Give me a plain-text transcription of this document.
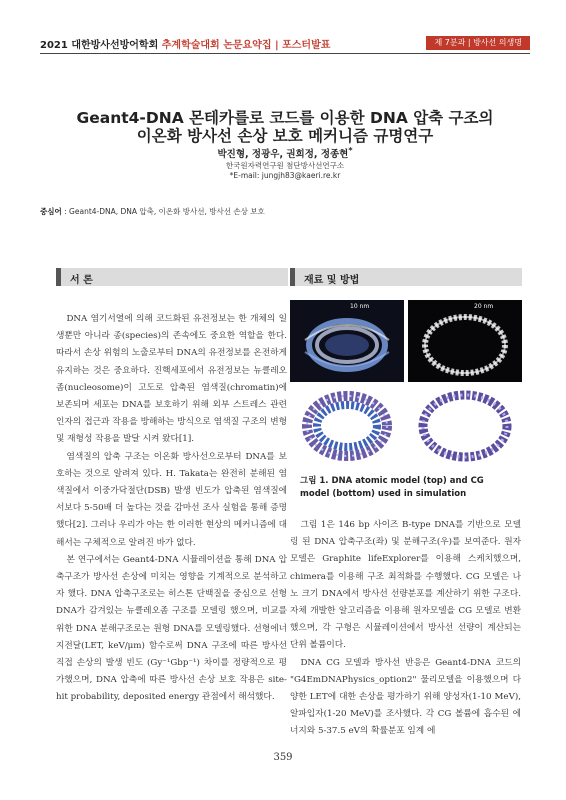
2021 대한방사선방어학회 추계학술대회 논문요약집 | 포스터발표	제 7분과 | 방사선 의생명
Geant4-DNA 몬테카를로 코드를 이용한 DNA 압축 구조의
이온화 방사선 손상 보호 메커니즘 규명연구
박진형, 정광우, 권희정, 정종현*
한국원자력연구원 첨단방사선연구소
*E-mail: jungjh83@kaeri.re.kr
중심어 : Geant4-DNA, DNA 압축, 이온화 방사선, 방사선 손상 보호
서 론	재료 및 방법

DNA 염기서열에 의해 코드화된 유전정보는 한 개체의 일생뿐만 아니라 종(species)의 존속에도 중요한 역할을 한다. 따라서 손상 위험의 노출로부터 DNA의 유전정보를 온전하게 유지하는 것은 중요하다. 진핵세포에서 유전정보는 뉴클레오좀(nucleosome)이 고도로 압축된 염색질(chromatin)에 보존되며 세포는 DNA를 보호하기 위해 외부 스트레스 관련 인자의 접근과 작용을 방해하는 방식으로 염색질 구조의 변형 및 재형성 작용을 발달 시켜 왔다[1].

염색질의 압축 구조는 이온화 방사선으로부터 DNA를 보호하는 것으로 알려져 있다. H. Takata는 완전히 분해된 염색질에서 이중가닥절단(DSB) 발생 빈도가 압축된 염색질에서보다 5-50배 더 높다는 것을 감마선 조사 실험을 통해 증명했다[2]. 그러나 우리가 아는 한 이러한 현상의 메커니즘에 대해서는 구체적으로 알려진 바가 없다.

본 연구에서는 Geant4-DNA 시뮬레이션을 통해 DNA 압축구조가 방사선 손상에 미치는 영향을 기계적으로 분석하고자 했다. DNA 압축구조로는 히스톤 단백질을 중심으로 선형 DNA가 감겨있는 뉴클레오좀 구조를 모델링 했으며, 비교를 위한 DNA 분해구조로는 원형 DNA를 모델링했다. 선형에너지전달(LET, keV/μm) 함수로써 DNA 구조에 따른 방사선 직접 손상의 발생 빈도 (Gy⁻¹Gbp⁻¹) 차이를 정량적으로 평가했으며, DNA 압축에 따른 방사선 손상 보호 작용은 site-hit probability, deposited energy 관점에서 해석했다.

10 nm	20 nm
그림 1. DNA atomic model (top) and CG model (bottom) used in simulation

그림 1은 146 bp 사이즈 B-type DNA를 기반으로 모델링 된 DNA 압축구조(좌) 및 분해구조(우)를 보여준다. 원자모델은 Graphite lifeExplorer를 이용해 스케치했으며, chimera를 이용해 구조 최적화를 수행했다. CG 모델은 나노 크기 DNA에서 방사선 선량분포를 계산하기 위한 구조다. 자체 개발한 알고리즘을 이용해 원자모델을 CG 모델로 변환했으며, 각 구형은 시뮬레이션에서 방사선 선량이 계산되는 단위 볼륨이다.

DNA CG 모델과 방사선 반응은 Geant4-DNA 코드의 "G4EmDNAPhysics_option2" 물리모델을 이용했으며 다양한 LET에 대한 손상을 평가하기 위해 양성자(1-10 MeV), 알파입자(1-20 MeV)를 조사했다. 각 CG 볼륨에 흡수된 에너지와 5-37.5 eV의 확률분포 임계 에

359
